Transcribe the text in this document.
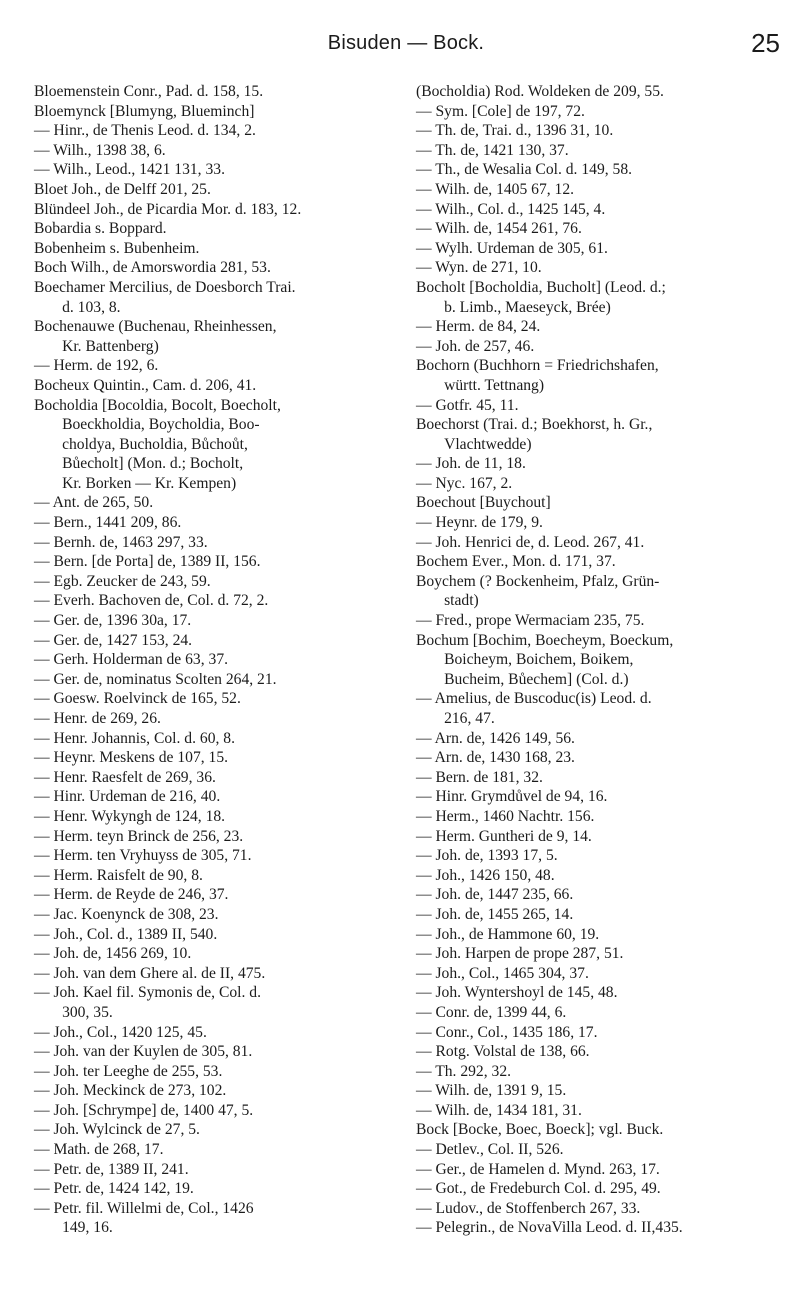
Bisuden — Bock.	25
Bloemenstein Conr., Pad. d. 158, 15.
Bloemynck [Blumyng, Blueminch]
— Hinr., de Thenis Leod. d. 134, 2.
— Wilh., 1398 38, 6.
— Wilh., Leod., 1421 131, 33.
Bloet Joh., de Delff 201, 25.
Blündeel Joh., de Picardia Mor. d. 183, 12.
Bobardia s. Boppard.
Bobenheim s. Bubenheim.
Boch Wilh., de Amorswordia 281, 53.
Boechamer Mercilius, de Doesborch Trai.
d. 103, 8.
Bochenauwe (Buchenau, Rheinhessen,
Kr. Battenberg)
— Herm. de 192, 6.
Bocheux Quintin., Cam. d. 206, 41.
Bocholdia [Bocoldia, Bocolt, Boecholt,
Boeckholdia, Boycholdia, Boo-
choldya, Bucholdia, Bůchoůt,
Bůecholt] (Mon. d.; Bocholt,
Kr. Borken — Kr. Kempen)
— Ant. de 265, 50.
— Bern., 1441 209, 86.
— Bernh. de, 1463 297, 33.
— Bern. [de Porta] de, 1389 II, 156.
— Egb. Zeucker de 243, 59.
— Everh. Bachoven de, Col. d. 72, 2.
— Ger. de, 1396 30a, 17.
— Ger. de, 1427 153, 24.
— Gerh. Holderman de 63, 37.
— Ger. de, nominatus Scolten 264, 21.
— Goesw. Roelvinck de 165, 52.
— Henr. de 269, 26.
— Henr. Johannis, Col. d. 60, 8.
— Heynr. Meskens de 107, 15.
— Henr. Raesfelt de 269, 36.
— Hinr. Urdeman de 216, 40.
— Henr. Wykyngh de 124, 18.
— Herm. teyn Brinck de 256, 23.
— Herm. ten Vryhuyss de 305, 71.
— Herm. Raisfelt de 90, 8.
— Herm. de Reyde de 246, 37.
— Jac. Koenynck de 308, 23.
— Joh., Col. d., 1389 II, 540.
— Joh. de, 1456 269, 10.
— Joh. van dem Ghere al. de II, 475.
— Joh. Kael fil. Symonis de, Col. d.
300, 35.
— Joh., Col., 1420 125, 45.
— Joh. van der Kuylen de 305, 81.
— Joh. ter Leeghe de 255, 53.
— Joh. Meckinck de 273, 102.
— Joh. [Schrympe] de, 1400 47, 5.
— Joh. Wylcinck de 27, 5.
— Math. de 268, 17.
— Petr. de, 1389 II, 241.
— Petr. de, 1424 142, 19.
— Petr. fil. Willelmi de, Col., 1426
149, 16.
(Bocholdia) Rod. Woldeken de 209, 55.
— Sym. [Cole] de 197, 72.
— Th. de, Trai. d., 1396 31, 10.
— Th. de, 1421 130, 37.
— Th., de Wesalia Col. d. 149, 58.
— Wilh. de, 1405 67, 12.
— Wilh., Col. d., 1425 145, 4.
— Wilh. de, 1454 261, 76.
— Wylh. Urdeman de 305, 61.
— Wyn. de 271, 10.
Bocholt [Bocholdia, Bucholt] (Leod. d.;
b. Limb., Maeseyck, Brée)
— Herm. de 84, 24.
— Joh. de 257, 46.
Bochorn (Buchhorn = Friedrichshafen,
württ. Tettnang)
— Gotfr. 45, 11.
Boechorst (Trai. d.; Boekhorst, h. Gr.,
Vlachtwedde)
— Joh. de 11, 18.
— Nyc. 167, 2.
Boechout [Buychout]
— Heynr. de 179, 9.
— Joh. Henrici de, d. Leod. 267, 41.
Bochem Ever., Mon. d. 171, 37.
Boychem (? Bockenheim, Pfalz, Grün-
stadt)
— Fred., prope Wermaciam 235, 75.
Bochum [Bochim, Boecheym, Boeckum,
Boicheym, Boichem, Boikem,
Bucheim, Bůechem] (Col. d.)
— Amelius, de Buscoduc(is) Leod. d.
216, 47.
— Arn. de, 1426 149, 56.
— Arn. de, 1430 168, 23.
— Bern. de 181, 32.
— Hinr. Grymdůvel de 94, 16.
— Herm., 1460 Nachtr. 156.
— Herm. Guntheri de 9, 14.
— Joh. de, 1393 17, 5.
— Joh., 1426 150, 48.
— Joh. de, 1447 235, 66.
— Joh. de, 1455 265, 14.
— Joh., de Hammone 60, 19.
— Joh. Harpen de prope 287, 51.
— Joh., Col., 1465 304, 37.
— Joh. Wyntershoyl de 145, 48.
— Conr. de, 1399 44, 6.
— Conr., Col., 1435 186, 17.
— Rotg. Volstal de 138, 66.
— Th. 292, 32.
— Wilh. de, 1391 9, 15.
— Wilh. de, 1434 181, 31.
Bock [Bocke, Boec, Boeck]; vgl. Buck.
— Detlev., Col. II, 526.
— Ger., de Hamelen d. Mynd. 263, 17.
— Got., de Fredeburch Col. d. 295, 49.
— Ludov., de Stoffenberch 267, 33.
— Pelegrin., de NovaVilla Leod. d. II,435.
